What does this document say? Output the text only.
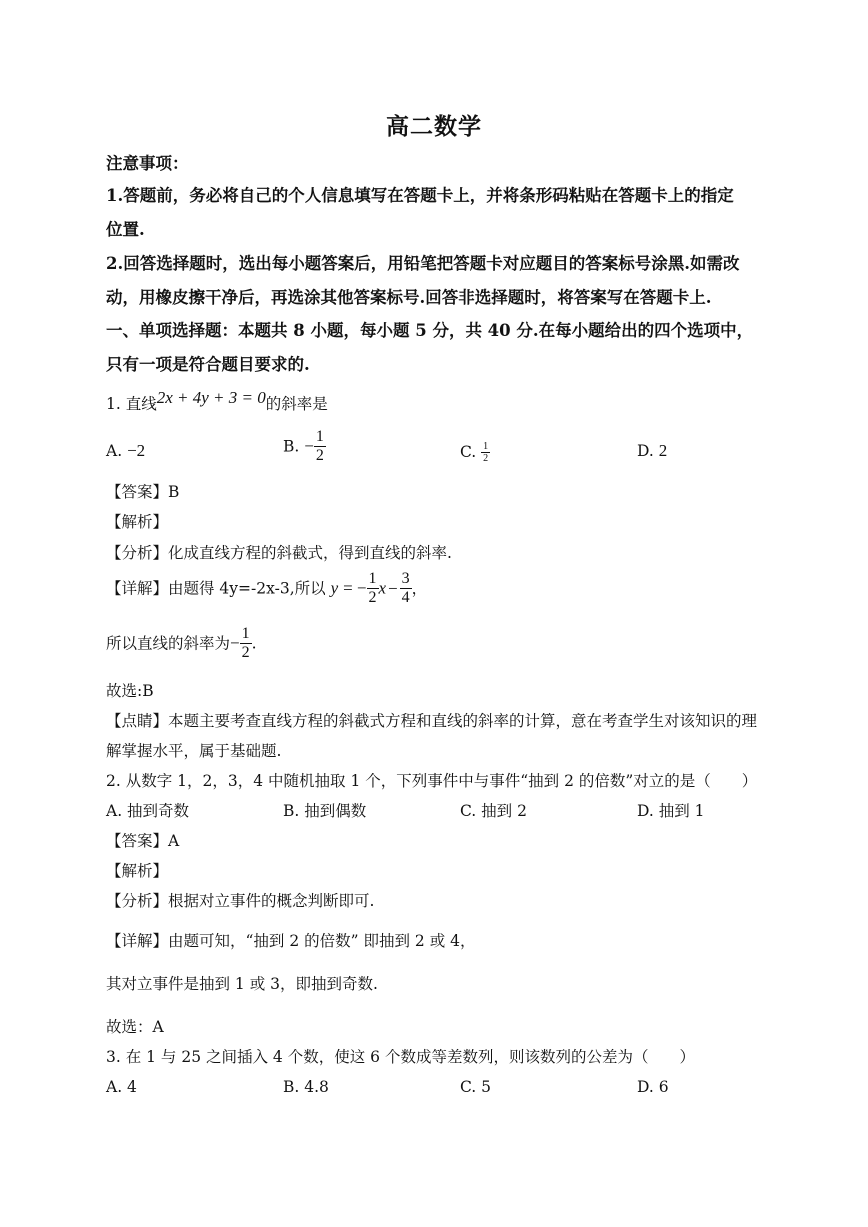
高二数学
注意事项：
1.答题前，务必将自己的个人信息填写在答题卡上，并将条形码粘贴在答题卡上的指定
位置.
2.回答选择题时，选出每小题答案后，用铅笔把答题卡对应题目的答案标号涂黑.如需改
动，用橡皮擦干净后，再选涂其他答案标号.回答非选择题时，将答案写在答题卡上.
一、单项选择题：本题共 8 小题，每小题 5 分，共 40 分.在每小题给出的四个选项中，
只有一项是符合题目要求的.
1. 直线2x + 4y + 3 = 0的斜率是
A. −2	B. − $\frac{1}{2}$	C. $\frac{1}{2}$	D. 2
【答案】B
【解析】
【分析】化成直线方程的斜截式，得到直线的斜率.
【详解】由题得 4y=-2x-3,所以 y = − $\frac{1}{2}$ $x - \frac{3}{4}$ ，
所以直线的斜率为− $\frac{1}{2}$ .
故选:B
【点睛】本题主要考查直线方程的斜截式方程和直线的斜率的计算，意在考查学生对该知识的理
解掌握水平，属于基础题.
2. 从数字 1，2，3，4 中随机抽取 1 个，下列事件中与事件“抽到 2 的倍数”对立的是（　　）
A. 抽到奇数	B. 抽到偶数	C. 抽到 2	D. 抽到 1
【答案】A
【解析】
【分析】根据对立事件的概念判断即可.
【详解】由题可知，“抽到 2 的倍数” 即抽到 2 或 4，
其对立事件是抽到 1 或 3，即抽到奇数.
故选：A
3. 在 1 与 25 之间插入 4 个数，使这 6 个数成等差数列，则该数列的公差为（　　）
A. 4	B. 4.8	C. 5	D. 6
